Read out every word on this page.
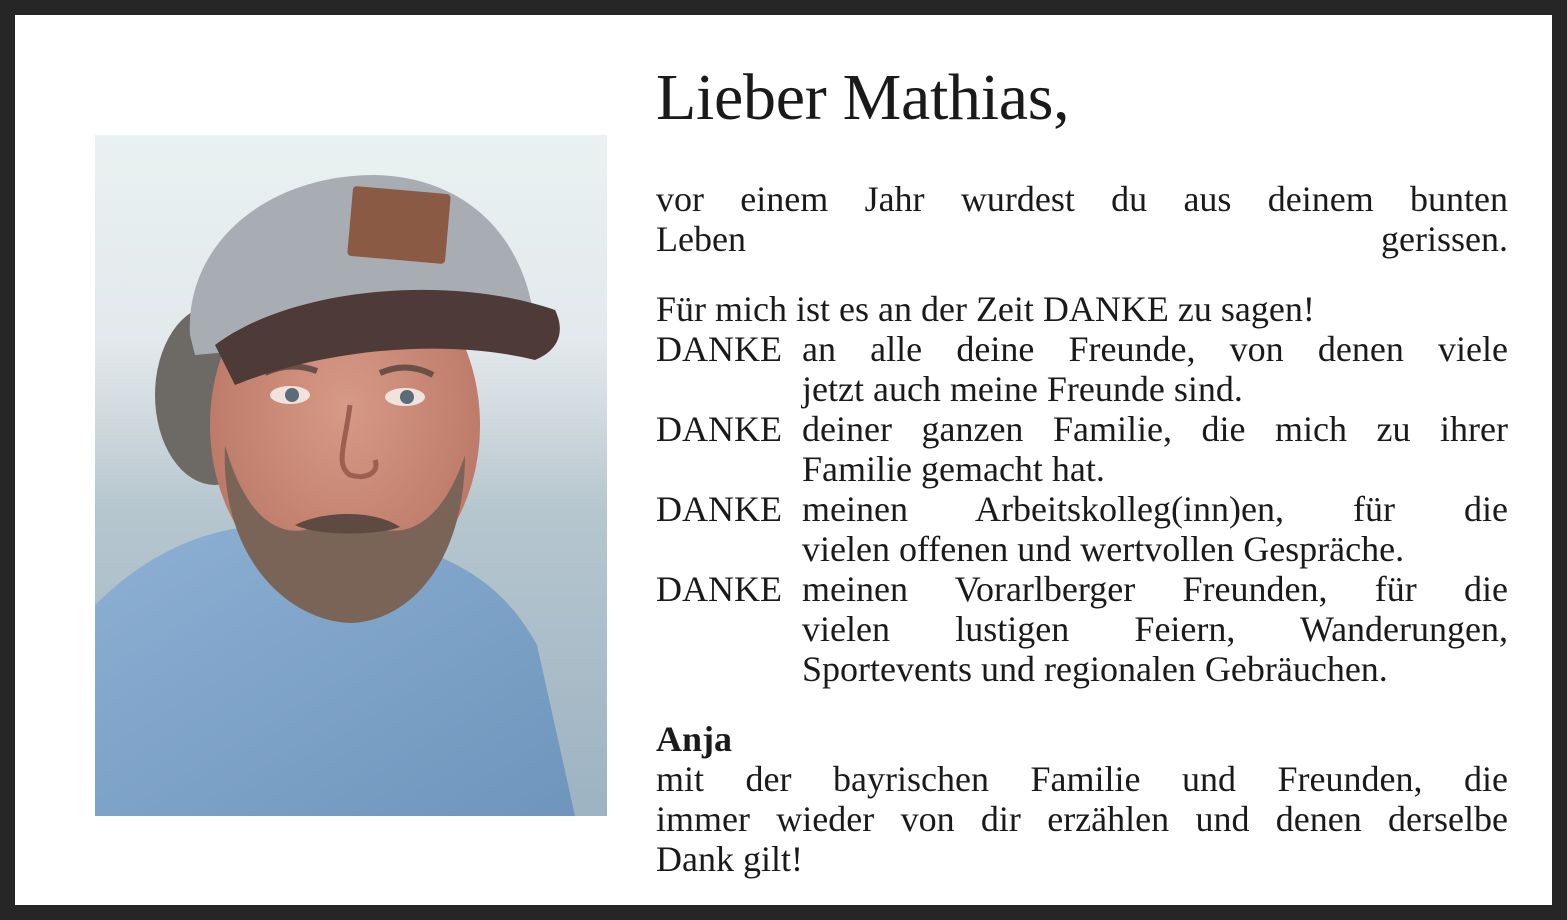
Lieber Mathias,
vor einem Jahr wurdest du aus deinem bunten
Leben gerissen.
Für mich ist es an der Zeit DANKE zu sagen!
DANKE an alle deine Freunde, von denen viele
jetzt auch meine Freunde sind.
DANKE deiner ganzen Familie, die mich zu ihrer
Familie gemacht hat.
DANKE meinen Arbeitskolleg(inn)en, für die
vielen offenen und wertvollen Gespräche.
DANKE meinen Vorarlberger Freunden, für die
vielen lustigen Feiern, Wanderungen,
Sportevents und regionalen Gebräuchen.
Anja
mit der bayrischen Familie und Freunden, die
immer wieder von dir erzählen und denen derselbe
Dank gilt!
